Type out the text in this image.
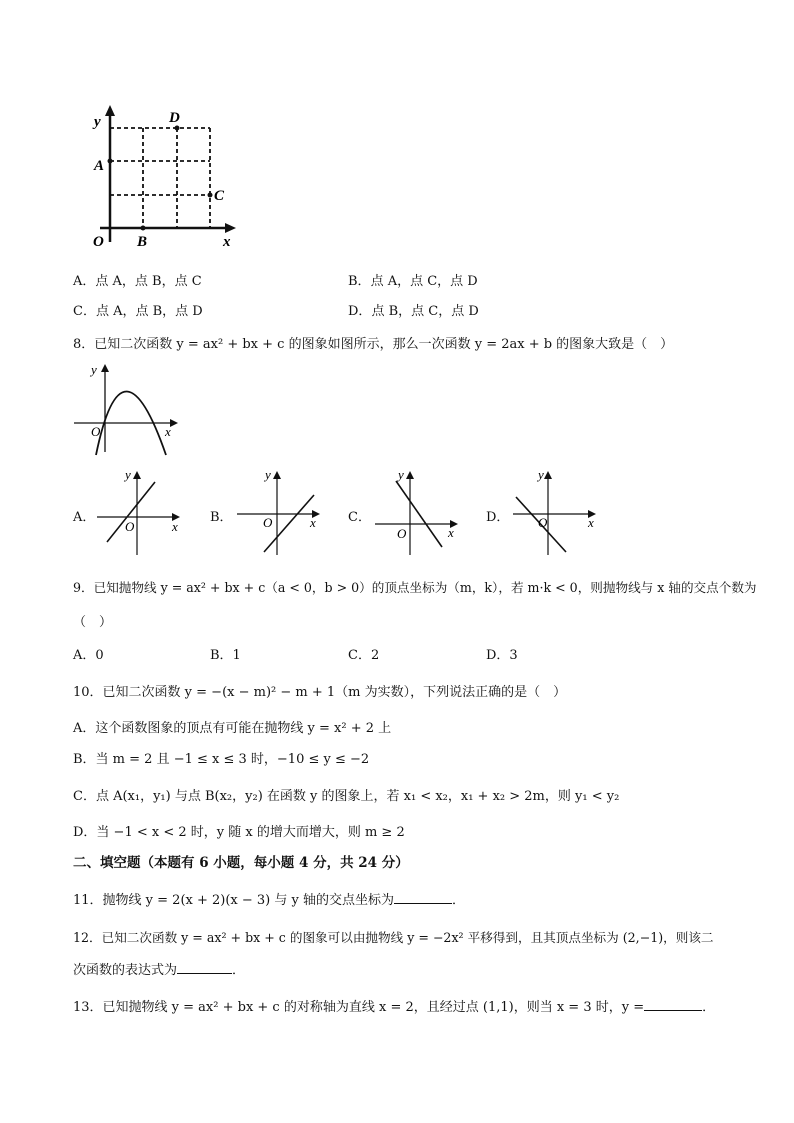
y
x
O
A
B
C
D
A．点 A，点 B，点 C	B．点 A，点 C，点 D
C．点 A，点 B，点 D	D．点 B，点 C，点 D
8．已知二次函数 y = ax² + bx + c 的图象如图所示，那么一次函数 y = 2ax + b 的图象大致是（　）
y
x
O
A．
y
x
O
B．
y
x
O	C．
y
x
O
D．
y
x
O
9．已知抛物线 y = ax² + bx + c（a < 0，b > 0）的顶点坐标为（m，k），若 m·k < 0，则抛物线与 x 轴的交点个数为
（　）
A．0	B．1	C．2	D．3
10．已知二次函数 y = −(x − m)² − m + 1（m 为实数），下列说法正确的是（　）
A．这个函数图象的顶点有可能在抛物线 y = x² + 2 上
B．当 m = 2 且 −1 ≤ x ≤ 3 时，−10 ≤ y ≤ −2
C．点 A(x₁，y₁) 与点 B(x₂，y₂) 在函数 y 的图象上，若 x₁ < x₂，x₁ + x₂ > 2m，则 y₁ < y₂
D．当 −1 < x < 2 时，y 随 x 的增大而增大，则 m ≥ 2
二、填空题（本题有 6 小题，每小题 4 分，共 24 分）
11．抛物线 y = 2(x + 2)(x − 3) 与 y 轴的交点坐标为	．
12．已知二次函数 y = ax² + bx + c 的图象可以由抛物线 y = −2x² 平移得到，且其顶点坐标为 (2,−1)，则该二
次函数的表达式为	．
13．已知抛物线 y = ax² + bx + c 的对称轴为直线 x = 2，且经过点 (1,1)，则当 x = 3 时，y =	．
